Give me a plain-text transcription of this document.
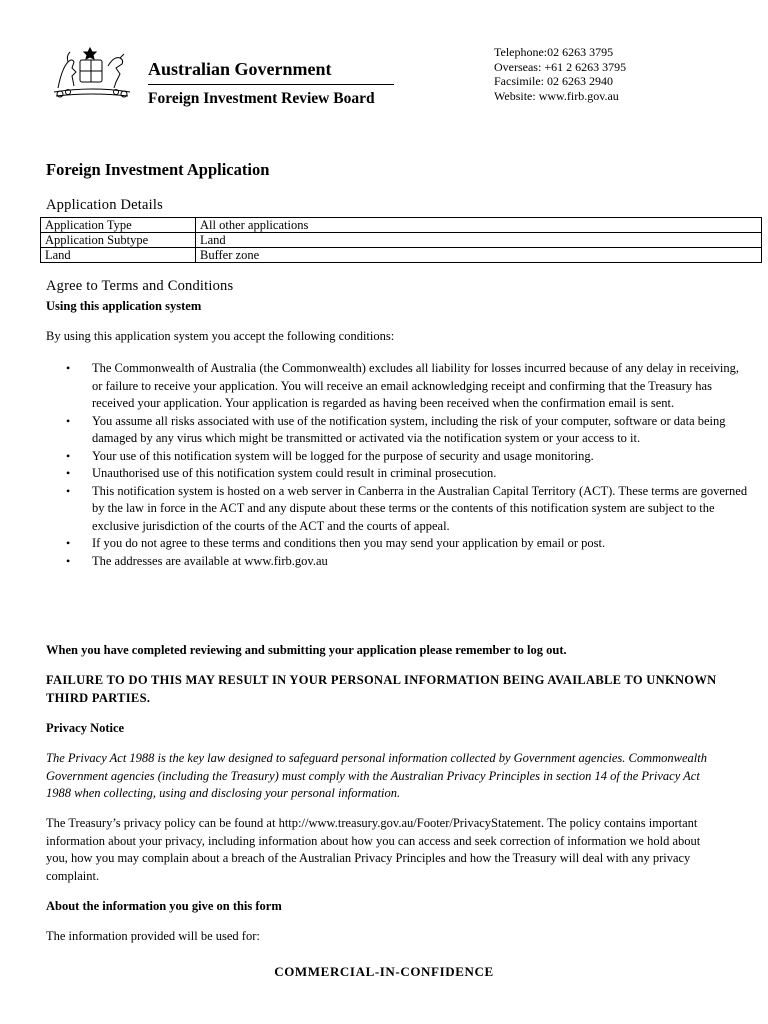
Australian Government
Foreign Investment Review Board
Telephone:02 6263 3795
Overseas: +61 2 6263 3795
Facsimile: 02 6263 2940
Website: www.firb.gov.au
Foreign Investment Application
Application Details
Application Type	All other applications
Application Subtype	Land
Land	Buffer zone
Agree to Terms and Conditions
Using this application system
By using this application system you accept the following conditions:
• The Commonwealth of Australia (the Commonwealth) excludes all liability for losses incurred because of any delay in receiving, or failure to receive your application. You will receive an email acknowledging receipt and confirming that the Treasury has received your application. Your application is regarded as having been received when the confirmation email is sent.
• You assume all risks associated with use of the notification system, including the risk of your computer, software or data being damaged by any virus which might be transmitted or activated via the notification system or your access to it.
• Your use of this notification system will be logged for the purpose of security and usage monitoring.
• Unauthorised use of this notification system could result in criminal prosecution.
• This notification system is hosted on a web server in Canberra in the Australian Capital Territory (ACT). These terms are governed by the law in force in the ACT and any dispute about these terms or the contents of this notification system are subject to the exclusive jurisdiction of the courts of the ACT and the courts of appeal.
• If you do not agree to these terms and conditions then you may send your application by email or post.
• The addresses are available at www.firb.gov.au
When you have completed reviewing and submitting your application please remember to log out.
FAILURE TO DO THIS MAY RESULT IN YOUR PERSONAL INFORMATION BEING AVAILABLE TO UNKNOWN THIRD PARTIES.
Privacy Notice
The Privacy Act 1988 is the key law designed to safeguard personal information collected by Government agencies. Commonwealth Government agencies (including the Treasury) must comply with the Australian Privacy Principles in section 14 of the Privacy Act 1988 when collecting, using and disclosing your personal information.
The Treasury’s privacy policy can be found at http://www.treasury.gov.au/Footer/PrivacyStatement. The policy contains important information about your privacy, including information about how you can access and seek correction of information we hold about you, how you may complain about a breach of the Australian Privacy Principles and how the Treasury will deal with any privacy complaint.
About the information you give on this form
The information provided will be used for:
COMMERCIAL-IN-CONFIDENCE
